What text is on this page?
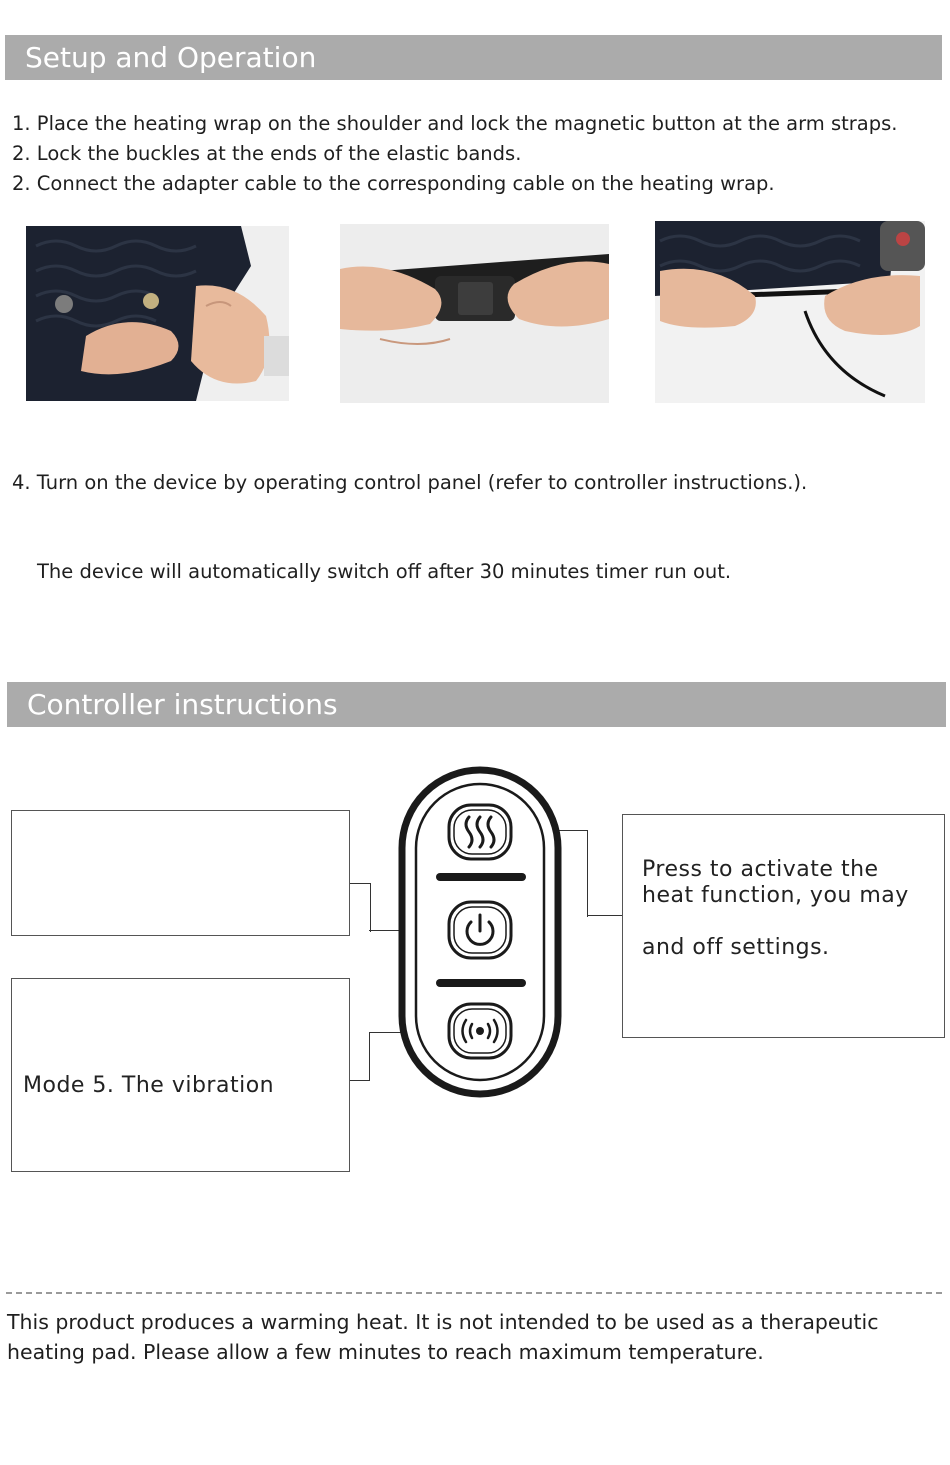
Setup and Operation
1. Place the heating wrap on the shoulder and lock the magnetic button at the arm straps.
2. Lock the buckles at the ends of the elastic bands.
2. Connect the adapter cable to the corresponding cable on the heating wrap.
4. Turn on the device by operating control panel (refer to controller instructions.).
The device will automatically switch off after 30 minutes timer run out.
Controller instructions
Mode 5. The vibration
Press to activate the
heat function, you may
and off settings.
This product produces a warming heat. It is not intended to be used as a therapeutic heating pad. Please allow a few minutes to reach maximum temperature.
